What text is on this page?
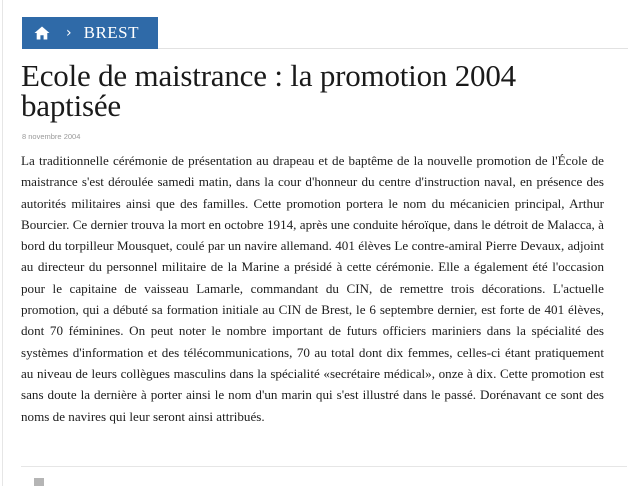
› BREST
Ecole de maistrance : la promotion 2004 baptisée
8 novembre 2004

La traditionnelle cérémonie de présentation au drapeau et de baptême de la nouvelle promotion de l'École de maistrance s'est déroulée samedi matin, dans la cour d'honneur du centre d'instruction naval, en présence des autorités militaires ainsi que des familles. Cette promotion portera le nom du mécanicien principal, Arthur Bourcier. Ce dernier trouva la mort en octobre 1914, après une conduite héroïque, dans le détroit de Malacca, à bord du torpilleur Mousquet, coulé par un navire allemand. 401 élèves Le contre-amiral Pierre Devaux, adjoint au directeur du personnel militaire de la Marine a présidé à cette cérémonie. Elle a également été l'occasion pour le capitaine de vaisseau Lamarle, commandant du CIN, de remettre trois décorations. L'actuelle promotion, qui a débuté sa formation initiale au CIN de Brest, le 6 septembre dernier, est forte de 401 élèves, dont 70 féminines. On peut noter le nombre important de futurs officiers mariniers dans la spécialité des systèmes d'information et des télécommunications, 70 au total dont dix femmes, celles-ci étant pratiquement au niveau de leurs collègues masculins dans la spécialité «secrétaire médical», onze à dix. Cette promotion est sans doute la dernière à porter ainsi le nom d'un marin qui s'est illustré dans le passé. Dorénavant ce sont des noms de navires qui leur seront ainsi attribués.
